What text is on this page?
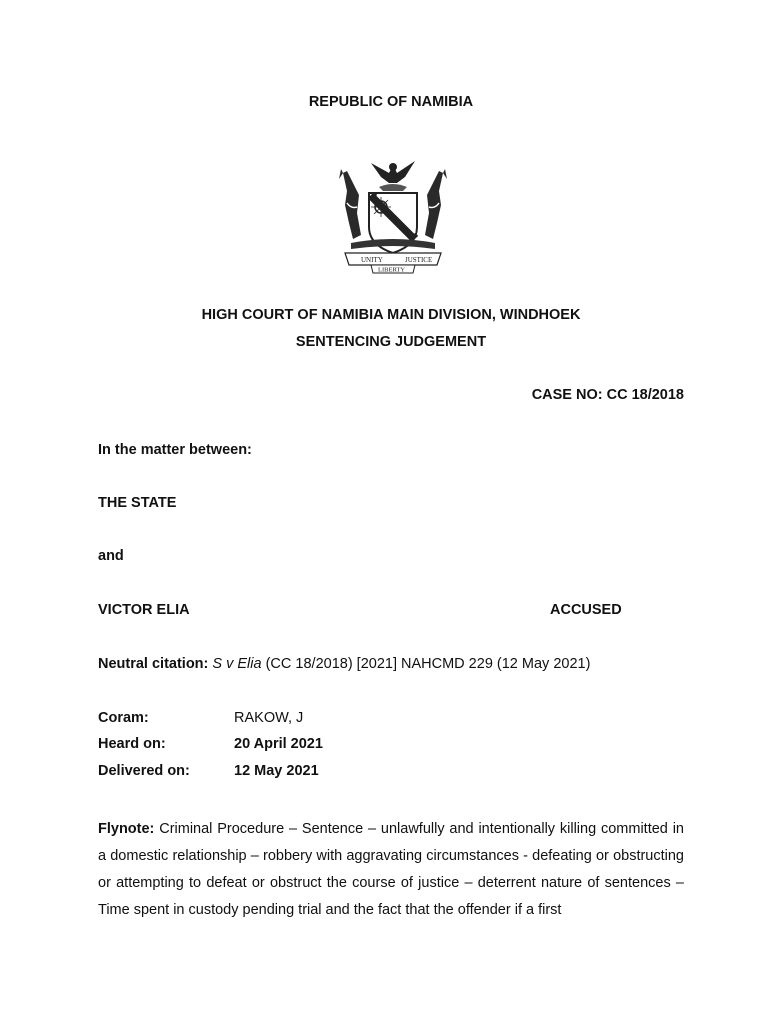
REPUBLIC OF NAMIBIA
UNITY	JUSTICE
LIBERTY
HIGH COURT OF NAMIBIA MAIN DIVISION, WINDHOEK
SENTENCING JUDGEMENT
CASE NO: CC 18/2018
In the matter between:
THE STATE
and
VICTOR ELIA	ACCUSED
Neutral citation: S v Elia (CC 18/2018) [2021] NAHCMD 229 (12 May 2021)
Coram:	RAKOW, J
Heard on:	20 April 2021
Delivered on:	12 May 2021
Flynote: Criminal Procedure – Sentence – unlawfully and intentionally killing committed in a domestic relationship – robbery with aggravating circumstances - defeating or obstructing or attempting to defeat or obstruct the course of justice – deterrent nature of sentences – Time spent in custody pending trial and the fact that the offender if a first
